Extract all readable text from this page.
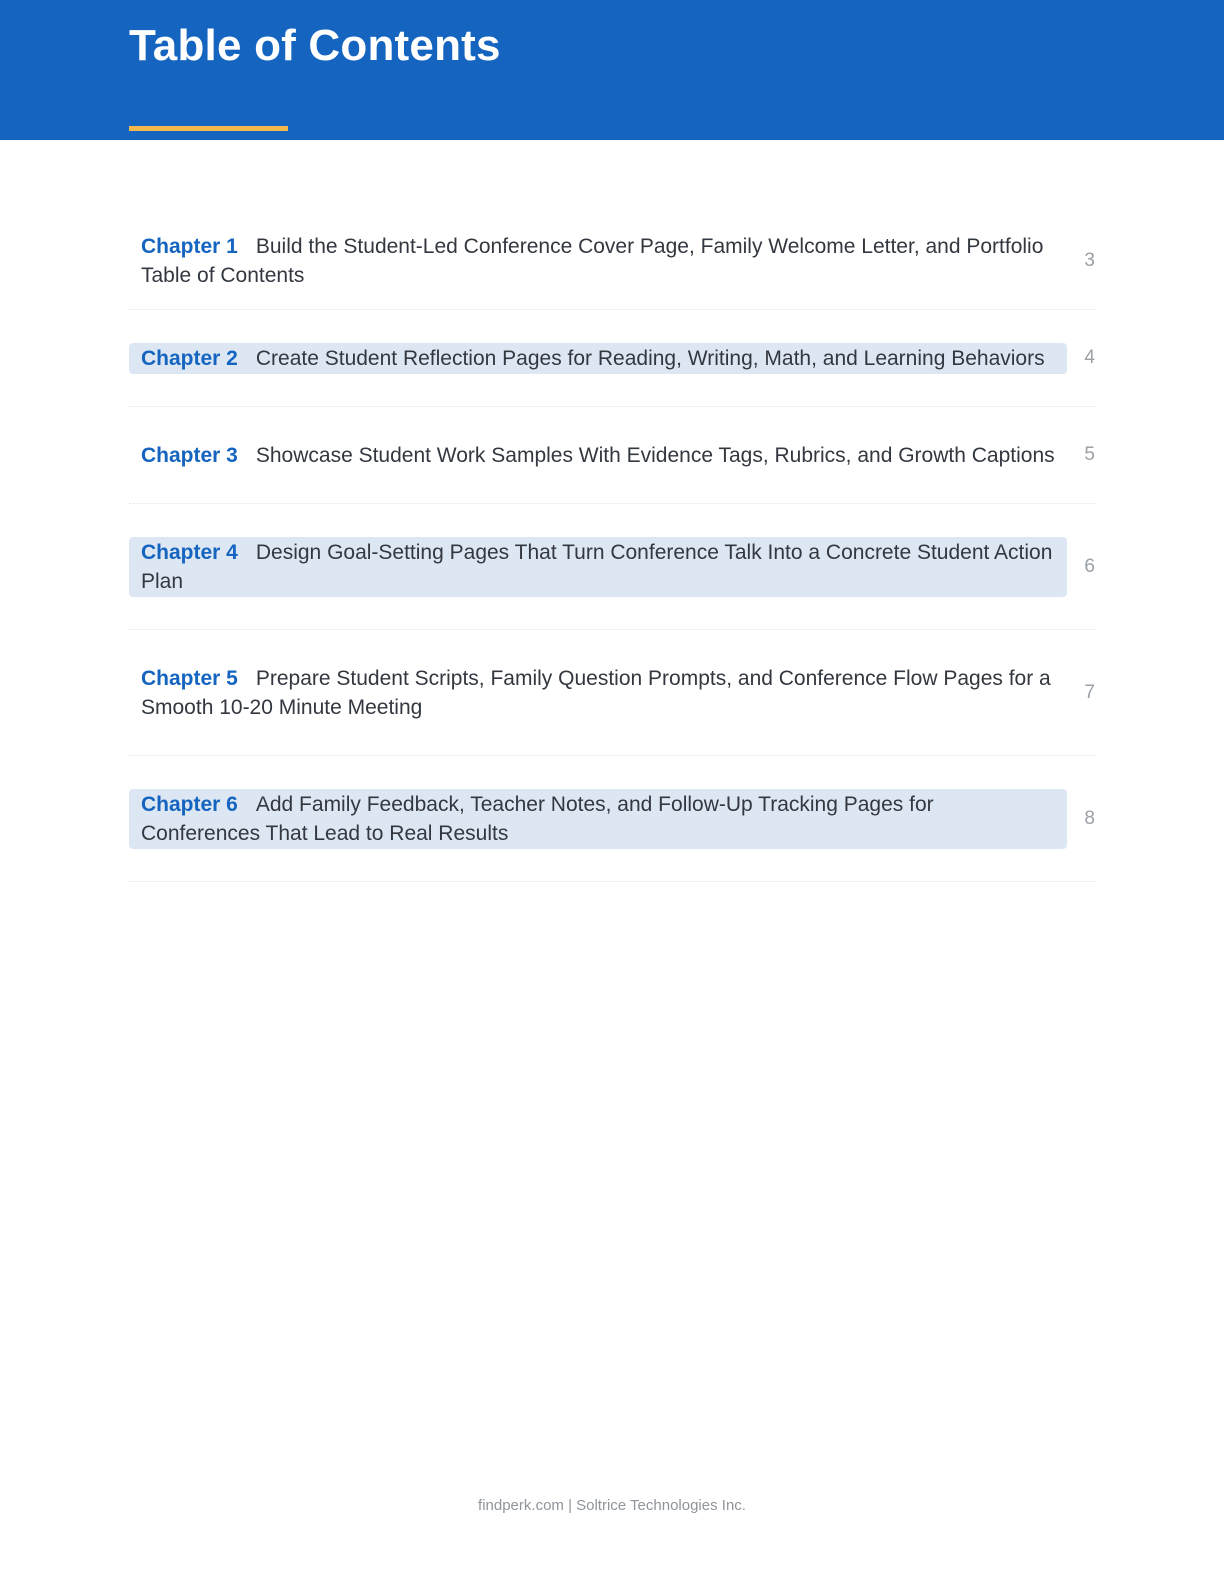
Table of Contents
Chapter 1 Build the Student-Led Conference Cover Page, Family Welcome Letter, and Portfolio Table of Contents
3
Chapter 2 Create Student Reflection Pages for Reading, Writing, Math, and Learning Behaviors	4
Chapter 3 Showcase Student Work Samples With Evidence Tags, Rubrics, and Growth Captions	5
Chapter 4 Design Goal-Setting Pages That Turn Conference Talk Into a Concrete Student Action Plan
6
Chapter 5 Prepare Student Scripts, Family Question Prompts, and Conference Flow Pages for a Smooth 10-20 Minute Meeting
7
Chapter 6 Add Family Feedback, Teacher Notes, and Follow-Up Tracking Pages for Conferences That Lead to Real Results
8
findperk.com | Soltrice Technologies Inc.
